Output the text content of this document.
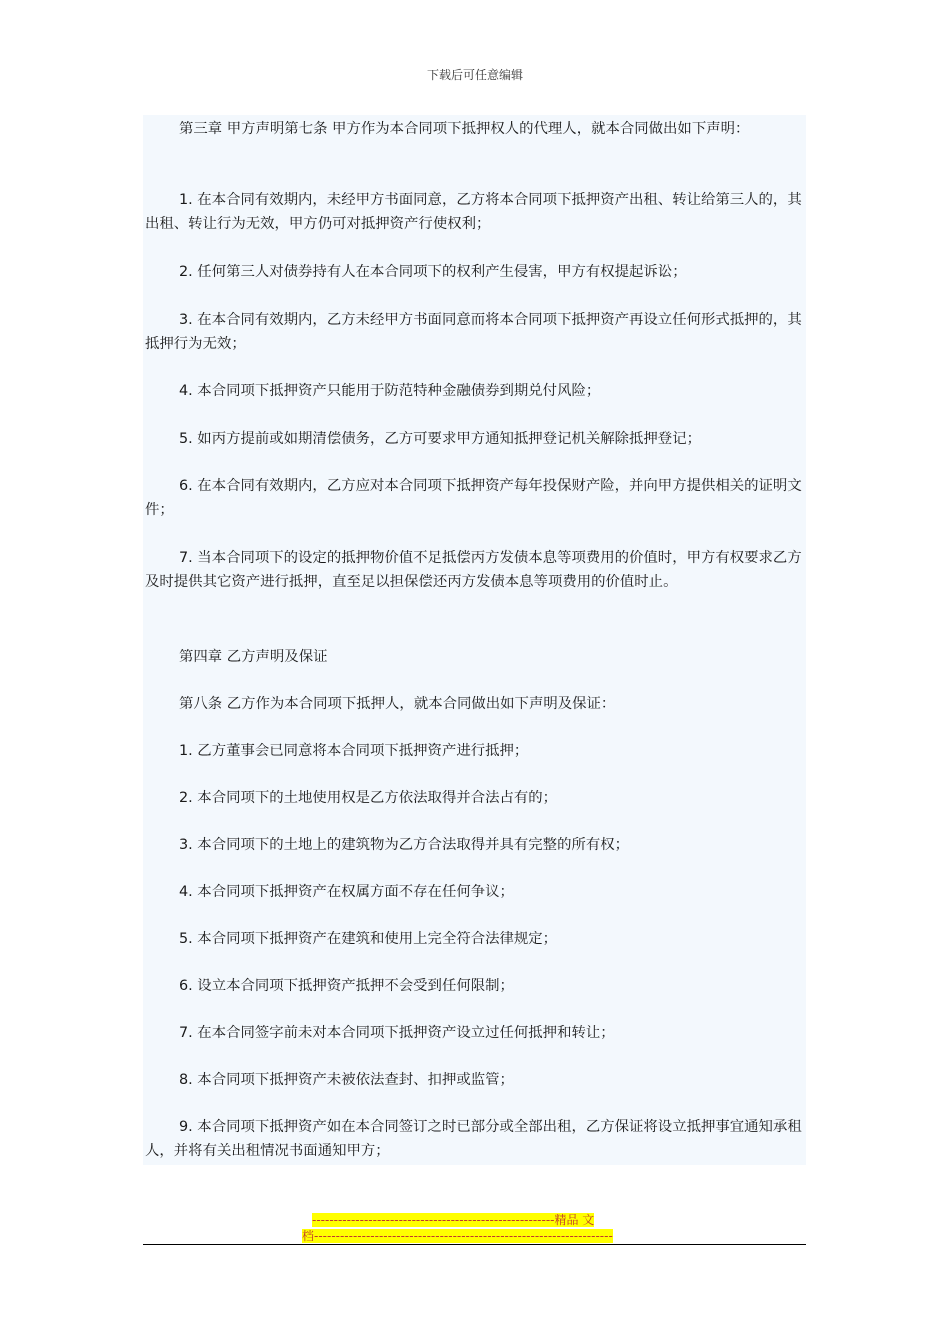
下载后可任意编辑

第三章 甲方声明第七条 甲方作为本合同项下抵押权人的代理人，就本合同做出如下声明：

1. 在本合同有效期内，未经甲方书面同意，乙方将本合同项下抵押资产出租、转让给第三人的，其出租、转让行为无效，甲方仍可对抵押资产行使权利；

2. 任何第三人对债券持有人在本合同项下的权利产生侵害，甲方有权提起诉讼；

3. 在本合同有效期内，乙方未经甲方书面同意而将本合同项下抵押资产再设立任何形式抵押的，其抵押行为无效；

4. 本合同项下抵押资产只能用于防范特种金融债券到期兑付风险；

5. 如丙方提前或如期清偿债务，乙方可要求甲方通知抵押登记机关解除抵押登记；

6. 在本合同有效期内，乙方应对本合同项下抵押资产每年投保财产险，并向甲方提供相关的证明文件；

7. 当本合同项下的设定的抵押物价值不足抵偿丙方发债本息等项费用的价值时，甲方有权要求乙方及时提供其它资产进行抵押，直至足以担保偿还丙方发债本息等项费用的价值时止。

第四章 乙方声明及保证

第八条 乙方作为本合同项下抵押人，就本合同做出如下声明及保证：

1. 乙方董事会已同意将本合同项下抵押资产进行抵押；

2. 本合同项下的土地使用权是乙方依法取得并合法占有的；

3. 本合同项下的土地上的建筑物为乙方合法取得并具有完整的所有权；

4. 本合同项下抵押资产在权属方面不存在任何争议；

5. 本合同项下抵押资产在建筑和使用上完全符合法律规定；

6. 设立本合同项下抵押资产抵押不会受到任何限制；

7. 在本合同签字前未对本合同项下抵押资产设立过任何抵押和转让；

8. 本合同项下抵押资产未被依法查封、扣押或监管；

9. 本合同项下抵押资产如在本合同签订之时已部分或全部出租，乙方保证将设立抵押事宜通知承租人，并将有关出租情况书面通知甲方；

--------------------------------------------------------精品 文
档---------------------------------------------------------------------
